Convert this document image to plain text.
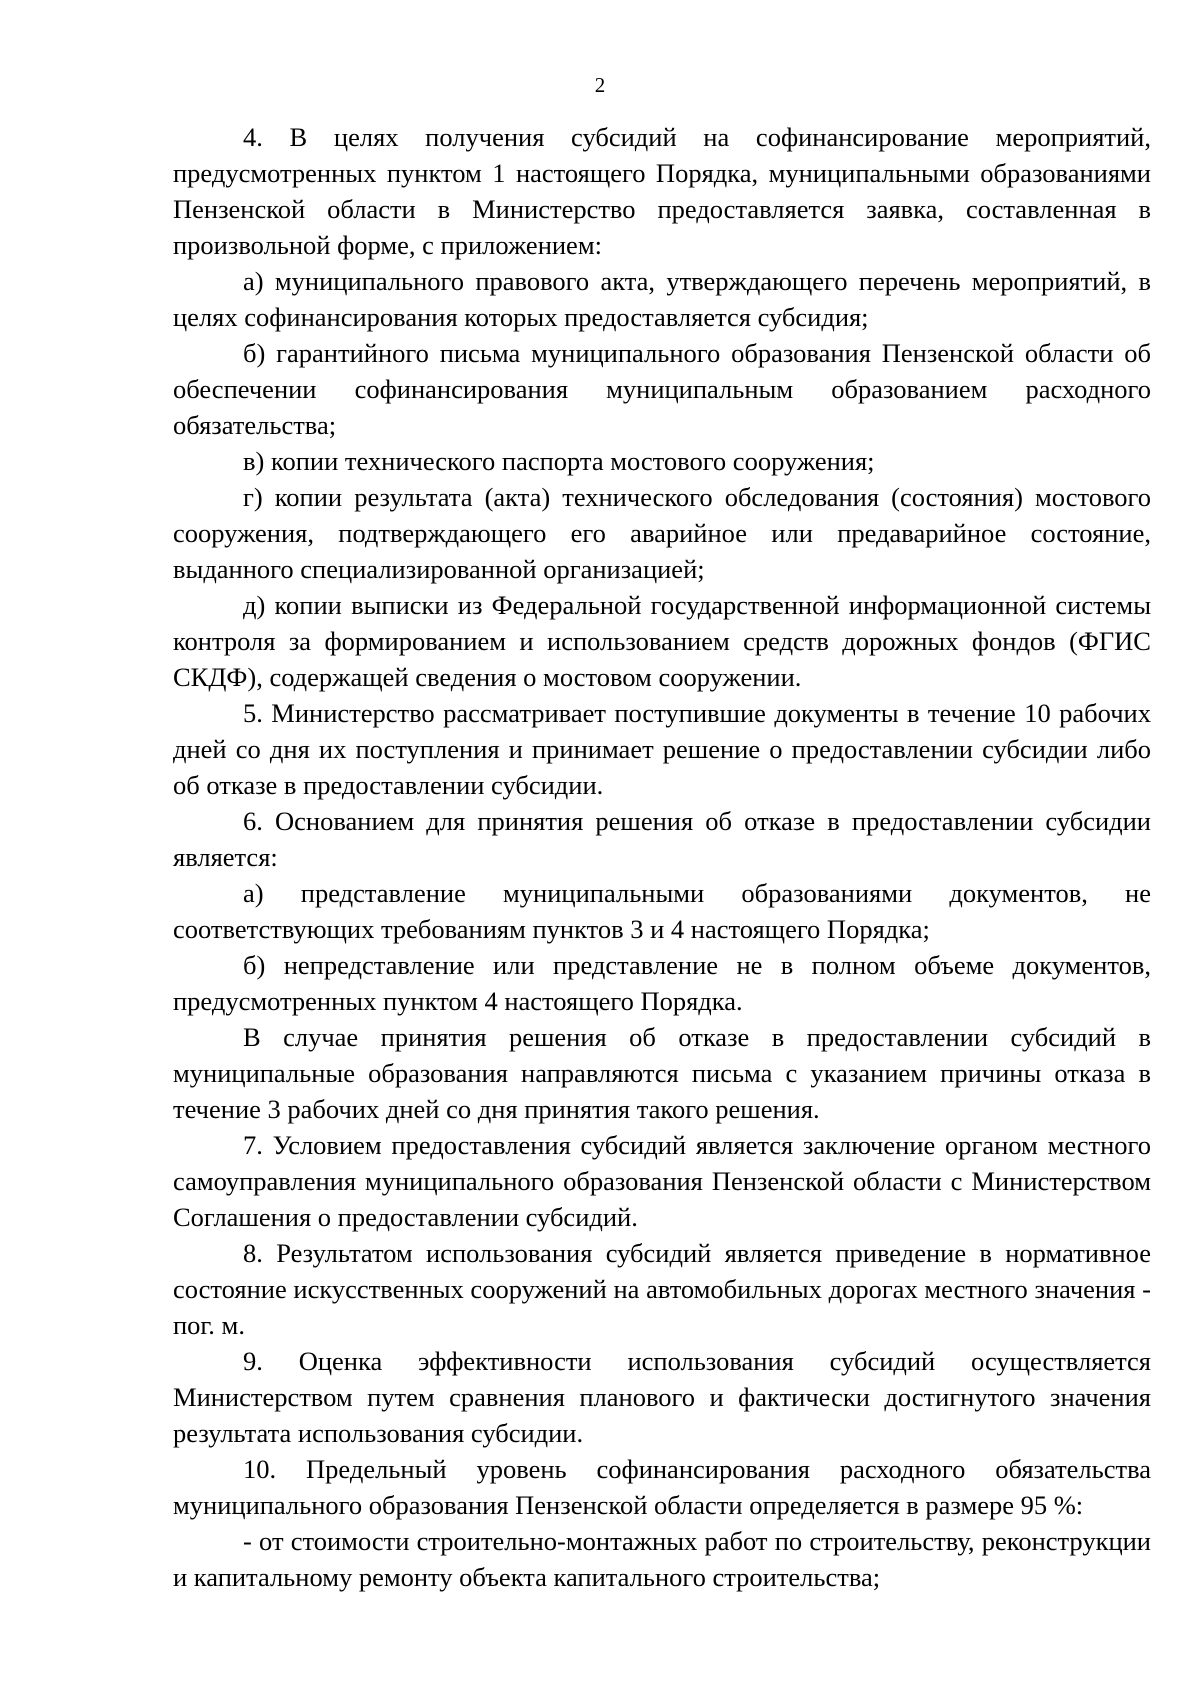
2

4. В целях получения субсидий на софинансирование мероприятий, предусмотренных пунктом 1 настоящего Порядка, муниципальными образованиями Пензенской области в Министерство предоставляется заявка, составленная в произвольной форме, с приложением:

а) муниципального правового акта, утверждающего перечень мероприятий, в целях софинансирования которых предоставляется субсидия;

б) гарантийного письма муниципального образования Пензенской области об обеспечении софинансирования муниципальным образованием расходного обязательства;

в) копии технического паспорта мостового сооружения;

г) копии результата (акта) технического обследования (состояния) мостового сооружения, подтверждающего его аварийное или предаварийное состояние, выданного специализированной организацией;

д) копии выписки из Федеральной государственной информационной системы контроля за формированием и использованием средств дорожных фондов (ФГИС СКДФ), содержащей сведения о мостовом сооружении.

5. Министерство рассматривает поступившие документы в течение 10 рабочих дней со дня их поступления и принимает решение о предоставлении субсидии либо об отказе в предоставлении субсидии.

6. Основанием для принятия решения об отказе в предоставлении субсидии является:

а) представление муниципальными образованиями документов, не соответствующих требованиям пунктов 3 и 4 настоящего Порядка;

б) непредставление или представление не в полном объеме документов, предусмотренных пунктом 4 настоящего Порядка.

В случае принятия решения об отказе в предоставлении субсидий в муниципальные образования направляются письма с указанием причины отказа в течение 3 рабочих дней со дня принятия такого решения.

7. Условием предоставления субсидий является заключение органом местного самоуправления муниципального образования Пензенской области с Министерством Соглашения о предоставлении субсидий.

8. Результатом использования субсидий является приведение в нормативное состояние искусственных сооружений на автомобильных дорогах местного значения - пог. м.

9. Оценка эффективности использования субсидий осуществляется Министерством путем сравнения планового и фактически достигнутого значения результата использования субсидии.

10. Предельный уровень софинансирования расходного обязательства муниципального образования Пензенской области определяется в размере 95 %:

- от стоимости строительно-монтажных работ по строительству, реконструкции и капитальному ремонту объекта капитального строительства;
